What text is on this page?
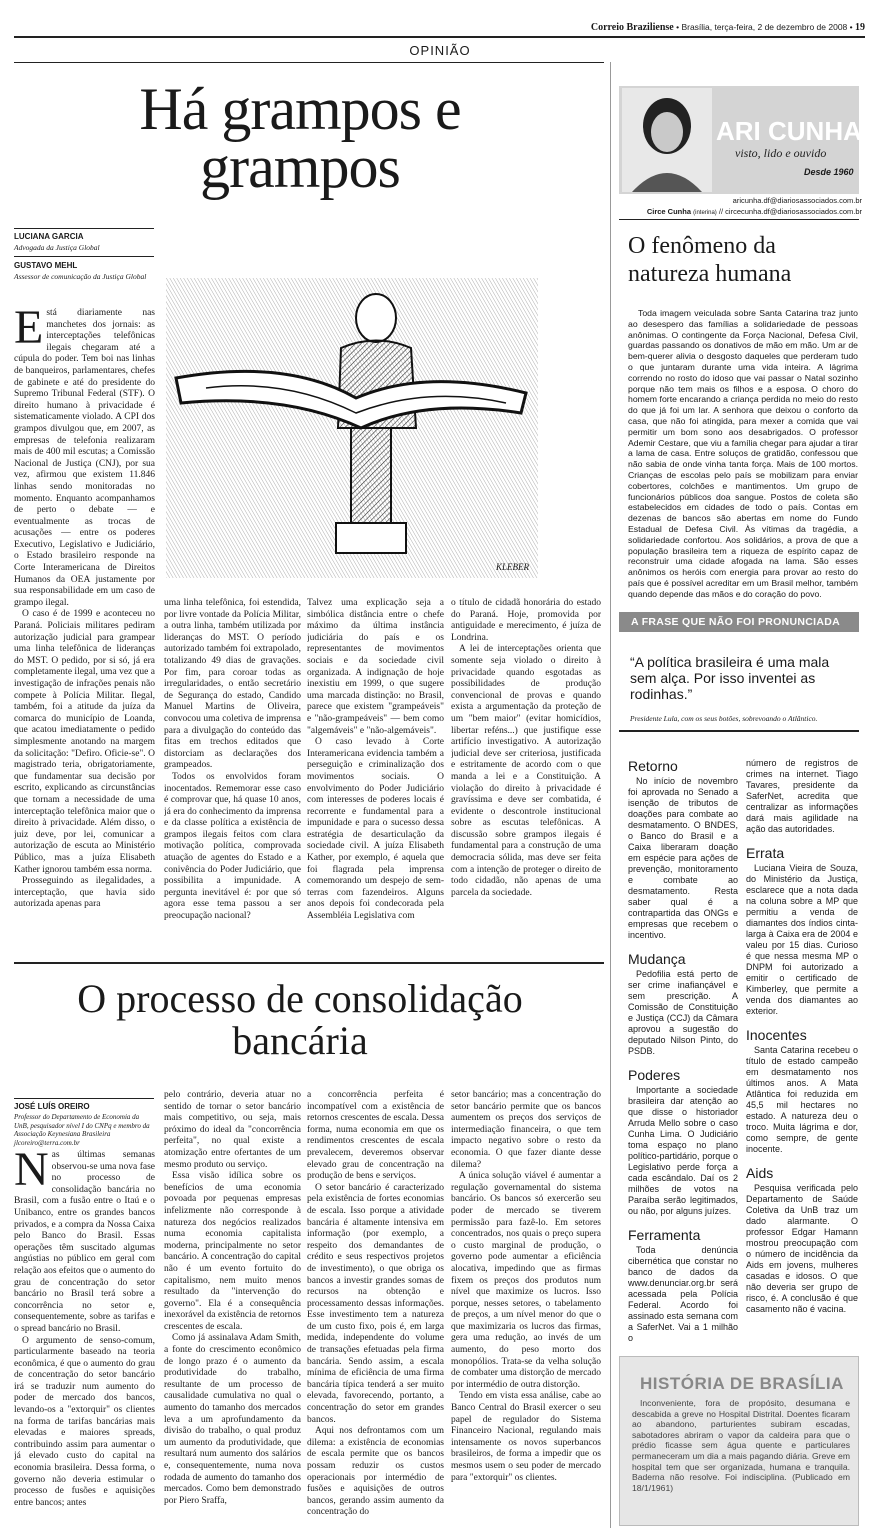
Correio Braziliense • Brasília, terça-feira, 2 de dezembro de 2008 • 19
OPINIÃO
Há grampos e grampos
LUCIANA GARCIA
Advogada da Justiça Global
GUSTAVO MEHL
Assessor de comunicação da Justiça Global
KLEBER
E stá diariamente nas manchetes dos jornais: as interceptações telefônicas ilegais chegaram até a cúpula do poder. Tem boi nas linhas de banqueiros, parlamentares, chefes de gabinete e até do presidente do Supremo Tribunal Federal (STF). O direito humano à privacidade é sistematicamente violado. A CPI dos grampos divulgou que, em 2007, as empresas de telefonia realizaram mais de 400 mil escutas; a Comissão Nacional de Justiça (CNJ), por sua vez, afirmou que existem 11.846 linhas sendo monitoradas no momento. Enquanto acompanhamos de perto o debate — e eventualmente as trocas de acusações — entre os poderes Executivo, Legislativo e Judiciário, o Estado brasileiro responde na Corte Interamericana de Direitos Humanos da OEA justamente por sua responsabilidade em um caso de grampo ilegal.

O caso é de 1999 e aconteceu no Paraná. Policiais militares pediram autorização judicial para grampear uma linha telefônica de lideranças do MST. O pedido, por si só, já era completamente ilegal, uma vez que a investigação de infrações penais não compete à Polícia Militar. Ilegal, também, foi a atitude da juíza da comarca do município de Loanda, que acatou imediatamente o pedido simplesmente anotando na margem da solicitação: "Defiro. Oficie-se". O magistrado teria, obrigatoriamente, que fundamentar sua decisão por escrito, explicando as circunstâncias que tornam a necessidade de uma interceptação telefônica maior que o direito à privacidade. Além disso, o juiz deve, por lei, comunicar a autorização de escuta ao Ministério Público, mas a juíza Elisabeth Kather ignorou também essa norma.

Prosseguindo as ilegalidades, a interceptação, que havia sido autorizada apenas para

uma linha telefônica, foi estendida, por livre vontade da Polícia Militar, a outra linha, também utilizada por lideranças do MST. O período autorizado também foi extrapolado, totalizando 49 dias de gravações. Por fim, para coroar todas as irregularidades, o então secretário de Segurança do estado, Candido Manuel Martins de Oliveira, convocou uma coletiva de imprensa para a divulgação do conteúdo das fitas em trechos editados que distorciam as declarações dos grampeados.

Todos os envolvidos foram inocentados. Rememorar esse caso é comprovar que, há quase 10 anos, já era do conhecimento da imprensa e da classe política a existência de grampos ilegais feitos com clara motivação política, comprovada atuação de agentes do Estado e a conivência do Poder Judiciário, que possibilita a impunidade. A pergunta inevitável é: por que só agora esse tema passou a ser preocupação nacional?

Talvez uma explicação seja a simbólica distância entre o chefe máximo da última instância judiciária do país e os representantes de movimentos sociais e da sociedade civil organizada. A indignação de hoje inexistiu em 1999, o que sugere uma marcada distinção: no Brasil, parece que existem "grampeáveis" e "não-grampeáveis" — bem como "algemáveis" e "não-algemáveis".

O caso levado à Corte Interamericana evidencia também a perseguição e criminalização dos movimentos sociais. O envolvimento do Poder Judiciário com interesses de poderes locais é recorrente e fundamental para a impunidade e para o sucesso dessa estratégia de desarticulação da sociedade civil. A juíza Elisabeth Kather, por exemplo, é aquela que foi flagrada pela imprensa comemorando um despejo de sem-terras com fazendeiros. Alguns anos depois foi condecorada pela Assembléia Legislativa com

o título de cidadã honorária do estado do Paraná. Hoje, promovida por antiguidade e merecimento, é juíza de Londrina.

A lei de interceptações orienta que somente seja violado o direito à privacidade quando esgotadas as possibilidades de produção convencional de provas e quando exista a argumentação da proteção de um "bem maior" (evitar homicídios, libertar reféns...) que justifique esse artifício investigativo. A autorização judicial deve ser criteriosa, justificada e estritamente de acordo com o que manda a lei e a Constituição. A violação do direito à privacidade é gravíssima e deve ser combatida, é evidente o descontrole institucional sobre as escutas telefônicas. A discussão sobre grampos ilegais é fundamental para a construção de uma democracia sólida, mas deve ser feita com a intenção de proteger o direito de todo cidadão, não apenas de uma parcela da sociedade.

O processo de consolidação bancária
JOSÉ LUÍS OREIRO
Professor do Departamento de Economia da UnB, pesquisador nível I do CNPq e membro da Associação Keynesiana Brasileira
jlcoreiro@terra.com.br
N as últimas semanas observou-se uma nova fase no processo de consolidação bancária no Brasil, com a fusão entre o Itaú e o Unibanco, entre os grandes bancos privados, e a compra da Nossa Caixa pelo Banco do Brasil. Essas operações têm suscitado algumas angústias no público em geral com relação aos efeitos que o aumento do grau de concentração do setor bancário no Brasil terá sobre a concorrência no setor e, consequentemente, sobre as tarifas e o spread bancário no Brasil.

O argumento de senso-comum, particularmente baseado na teoria econômica, é que o aumento do grau de concentração do setor bancário irá se traduzir num aumento do poder de mercado dos bancos, levando-os a "extorquir" os clientes na forma de tarifas bancárias mais elevadas e maiores spreads, contribuindo assim para aumentar o já elevado custo do capital na economia brasileira. Dessa forma, o governo não deveria estimular o processo de fusões e aquisições entre bancos; antes

pelo contrário, deveria atuar no sentido de tornar o setor bancário mais competitivo, ou seja, mais próximo do ideal da "concorrência perfeita", no qual existe a atomização entre ofertantes de um mesmo produto ou serviço.

Essa visão idílica sobre os benefícios de uma economia povoada por pequenas empresas infelizmente não corresponde à natureza dos negócios realizados numa economia capitalista moderna, principalmente no setor bancário. A concentração do capital não é um evento fortuito do capitalismo, nem muito menos resultado da "intervenção do governo". Ela é a consequência inexorável da existência de retornos crescentes de escala.

Como já assinalava Adam Smith, a fonte do crescimento econômico de longo prazo é o aumento da produtividade do trabalho, resultante de um processo de causalidade cumulativa no qual o aumento do tamanho dos mercados leva a um aprofundamento da divisão do trabalho, o qual produz um aumento da produtividade, que resultará num aumento dos salários e, consequentemente, numa nova rodada de aumento do tamanho dos mercados. Como bem demonstrado por Piero Sraffa,

a concorrência perfeita é incompatível com a existência de retornos crescentes de escala. Dessa forma, numa economia em que os rendimentos crescentes de escala prevalecem, deveremos observar elevado grau de concentração na produção de bens e serviços.

O setor bancário é caracterizado pela existência de fortes economias de escala. Isso porque a atividade bancária é altamente intensiva em informação (por exemplo, a respeito dos demandantes de crédito e seus respectivos projetos de investimento), o que obriga os bancos a investir grandes somas de recursos na obtenção e processamento dessas informações. Esse investimento tem a natureza de um custo fixo, pois é, em larga medida, independente do volume de transações efetuadas pela firma bancária. Sendo assim, a escala mínima de eficiência de uma firma bancária típica tenderá a ser muito elevada, favorecendo, portanto, a concentração do setor em grandes bancos.

Aqui nos defrontamos com um dilema: a existência de economias de escala permite que os bancos possam reduzir os custos operacionais por intermédio de fusões e aquisições de outros bancos, gerando assim aumento da concentração do

setor bancário; mas a concentração do setor bancário permite que os bancos aumentem os preços dos serviços de intermediação financeira, o que tem impacto negativo sobre o resto da economia. O que fazer diante desse dilema?

A única solução viável é aumentar a regulação governamental do sistema bancário. Os bancos só exercerão seu poder de mercado se tiverem permissão para fazê-lo. Em setores concentrados, nos quais o preço supera o custo marginal de produção, o governo pode aumentar a eficiência alocativa, impedindo que as firmas fixem os preços dos produtos num nível que maximize os lucros. Isso porque, nesses setores, o tabelamento de preços, a um nível menor do que o que maximizaria os lucros das firmas, gera uma redução, ao invés de um aumento, do peso morto dos monopólios. Trata-se da velha solução de combater uma distorção de mercado por intermédio de outra distorção.

Tendo em vista essa análise, cabe ao Banco Central do Brasil exercer o seu papel de regulador do Sistema Financeiro Nacional, regulando mais intensamente os novos superbancos brasileiros, de forma a impedir que os mesmos usem o seu poder de mercado para "extorquir" os clientes.

ARI CUNHA
visto, lido e ouvido
Desde 1960
aricunha.df@diariosassociados.com.br
Circe Cunha (interina) // circecunha.df@diariosassociados.com.br
O fenômeno da natureza humana

Toda imagem veiculada sobre Santa Catarina traz junto ao desespero das famílias a solidariedade de pessoas anônimas. O contingente da Força Nacional, Defesa Civil, guardas passando os donativos de mão em mão. Um ar de bem-querer alivia o desgosto daqueles que perderam tudo o que juntaram durante uma vida inteira. A lágrima correndo no rosto do idoso que vai passar o Natal sozinho porque não tem mais os filhos e a esposa. O choro do homem forte encarando a criança perdida no meio do resto do que já foi um lar. A senhora que deixou o conforto da casa, que não foi atingida, para mexer a comida que vai permitir um bom sono aos desabrigados. O professor Ademir Cestare, que viu a família chegar para ajudar a tirar a lama de casa. Entre soluços de gratidão, confessou que não sabia de onde vinha tanta força. Mais de 100 mortos. Crianças de escolas pelo país se mobilizam para enviar cobertores, colchões e mantimentos. Um grupo de funcionários públicos doa sangue. Postos de coleta são estabelecidos em cidades de todo o país. Contas em dezenas de bancos são abertas em nome do Fundo Estadual de Defesa Civil. Às vítimas da tragédia, a solidariedade confortou. Aos solidários, a prova de que a população brasileira tem a riqueza de espírito capaz de reconstruir uma cidade afogada na lama. São esses anônimos os heróis com energia para provar ao resto do país que é possível acreditar em um Brasil melhor, também quando depende das mãos e do coração do povo.

A FRASE QUE NÃO FOI PRONUNCIADA
“A política brasileira é uma mala sem alça. Por isso inventei as rodinhas.”
Presidente Lula, com os seus botões, sobrevoando o Atlântico.
Retorno
No início de novembro foi aprovada no Senado a isenção de tributos de doações para combate ao desmatamento. O BNDES, o Banco do Brasil e a Caixa liberaram doação em espécie para ações de prevenção, monitoramento e combate ao desmatamento. Resta saber qual é a contrapartida das ONGs e empresas que recebem o incentivo.
Mudança
Pedofilia está perto de ser crime inafiançável e sem prescrição. A Comissão de Constituição e Justiça (CCJ) da Câmara aprovou a sugestão do deputado Nilson Pinto, do PSDB.
Poderes
Importante a sociedade brasileira dar atenção ao que disse o historiador Arruda Mello sobre o caso Cunha Lima. O Judiciário toma espaço no plano político-partidário, porque o Legislativo perde força a cada escândalo. Daí os 2 milhões de votos na Paraíba serão legitimados, ou não, por alguns juízes.
Ferramenta
Toda denúncia cibernética que constar no banco de dados da www.denunciar.org.br será acessada pela Polícia Federal. Acordo foi assinado esta semana com a SaferNet. Vai a 1 milhão o
número de registros de crimes na internet. Tiago Tavares, presidente da SaferNet, acredita que centralizar as informações dará mais agilidade na ação das autoridades.
Errata
Luciana Vieira de Souza, do Ministério da Justiça, esclarece que a nota dada na coluna sobre a MP que permitiu a venda de diamantes dos índios cinta-larga à Caixa era de 2004 e valeu por 15 dias. Curioso é que nessa mesma MP o DNPM foi autorizado a emitir o certificado de Kimberley, que permite a venda dos diamantes ao exterior.
Inocentes
Santa Catarina recebeu o título de estado campeão em desmatamento nos últimos anos. A Mata Atlântica foi reduzida em 45,5 mil hectares no estado. A natureza deu o troco. Muita lágrima e dor, como sempre, de gente inocente.
Aids
Pesquisa verificada pelo Departamento de Saúde Coletiva da UnB traz um dado alarmante. O professor Edgar Hamann mostrou preocupação com o número de incidência da Aids em jovens, mulheres casadas e idosos. O que não deveria ser grupo de risco, é. A conclusão é que casamento não é vacina.
HISTÓRIA DE BRASÍLIA

Inconveniente, fora de propósito, desumana e descabida a greve no Hospital Distrital. Doentes ficaram ao abandono, parturientes subiram escadas, sabotadores abriram o vapor da caldeira para que o prédio ficasse sem água quente e particulares permaneceram um dia a mais pagando diária. Greve em hospital tem que ser organizada, humana e tranquila. Baderna não resolve. Foi indisciplina. (Publicado em 18/1/1961)
